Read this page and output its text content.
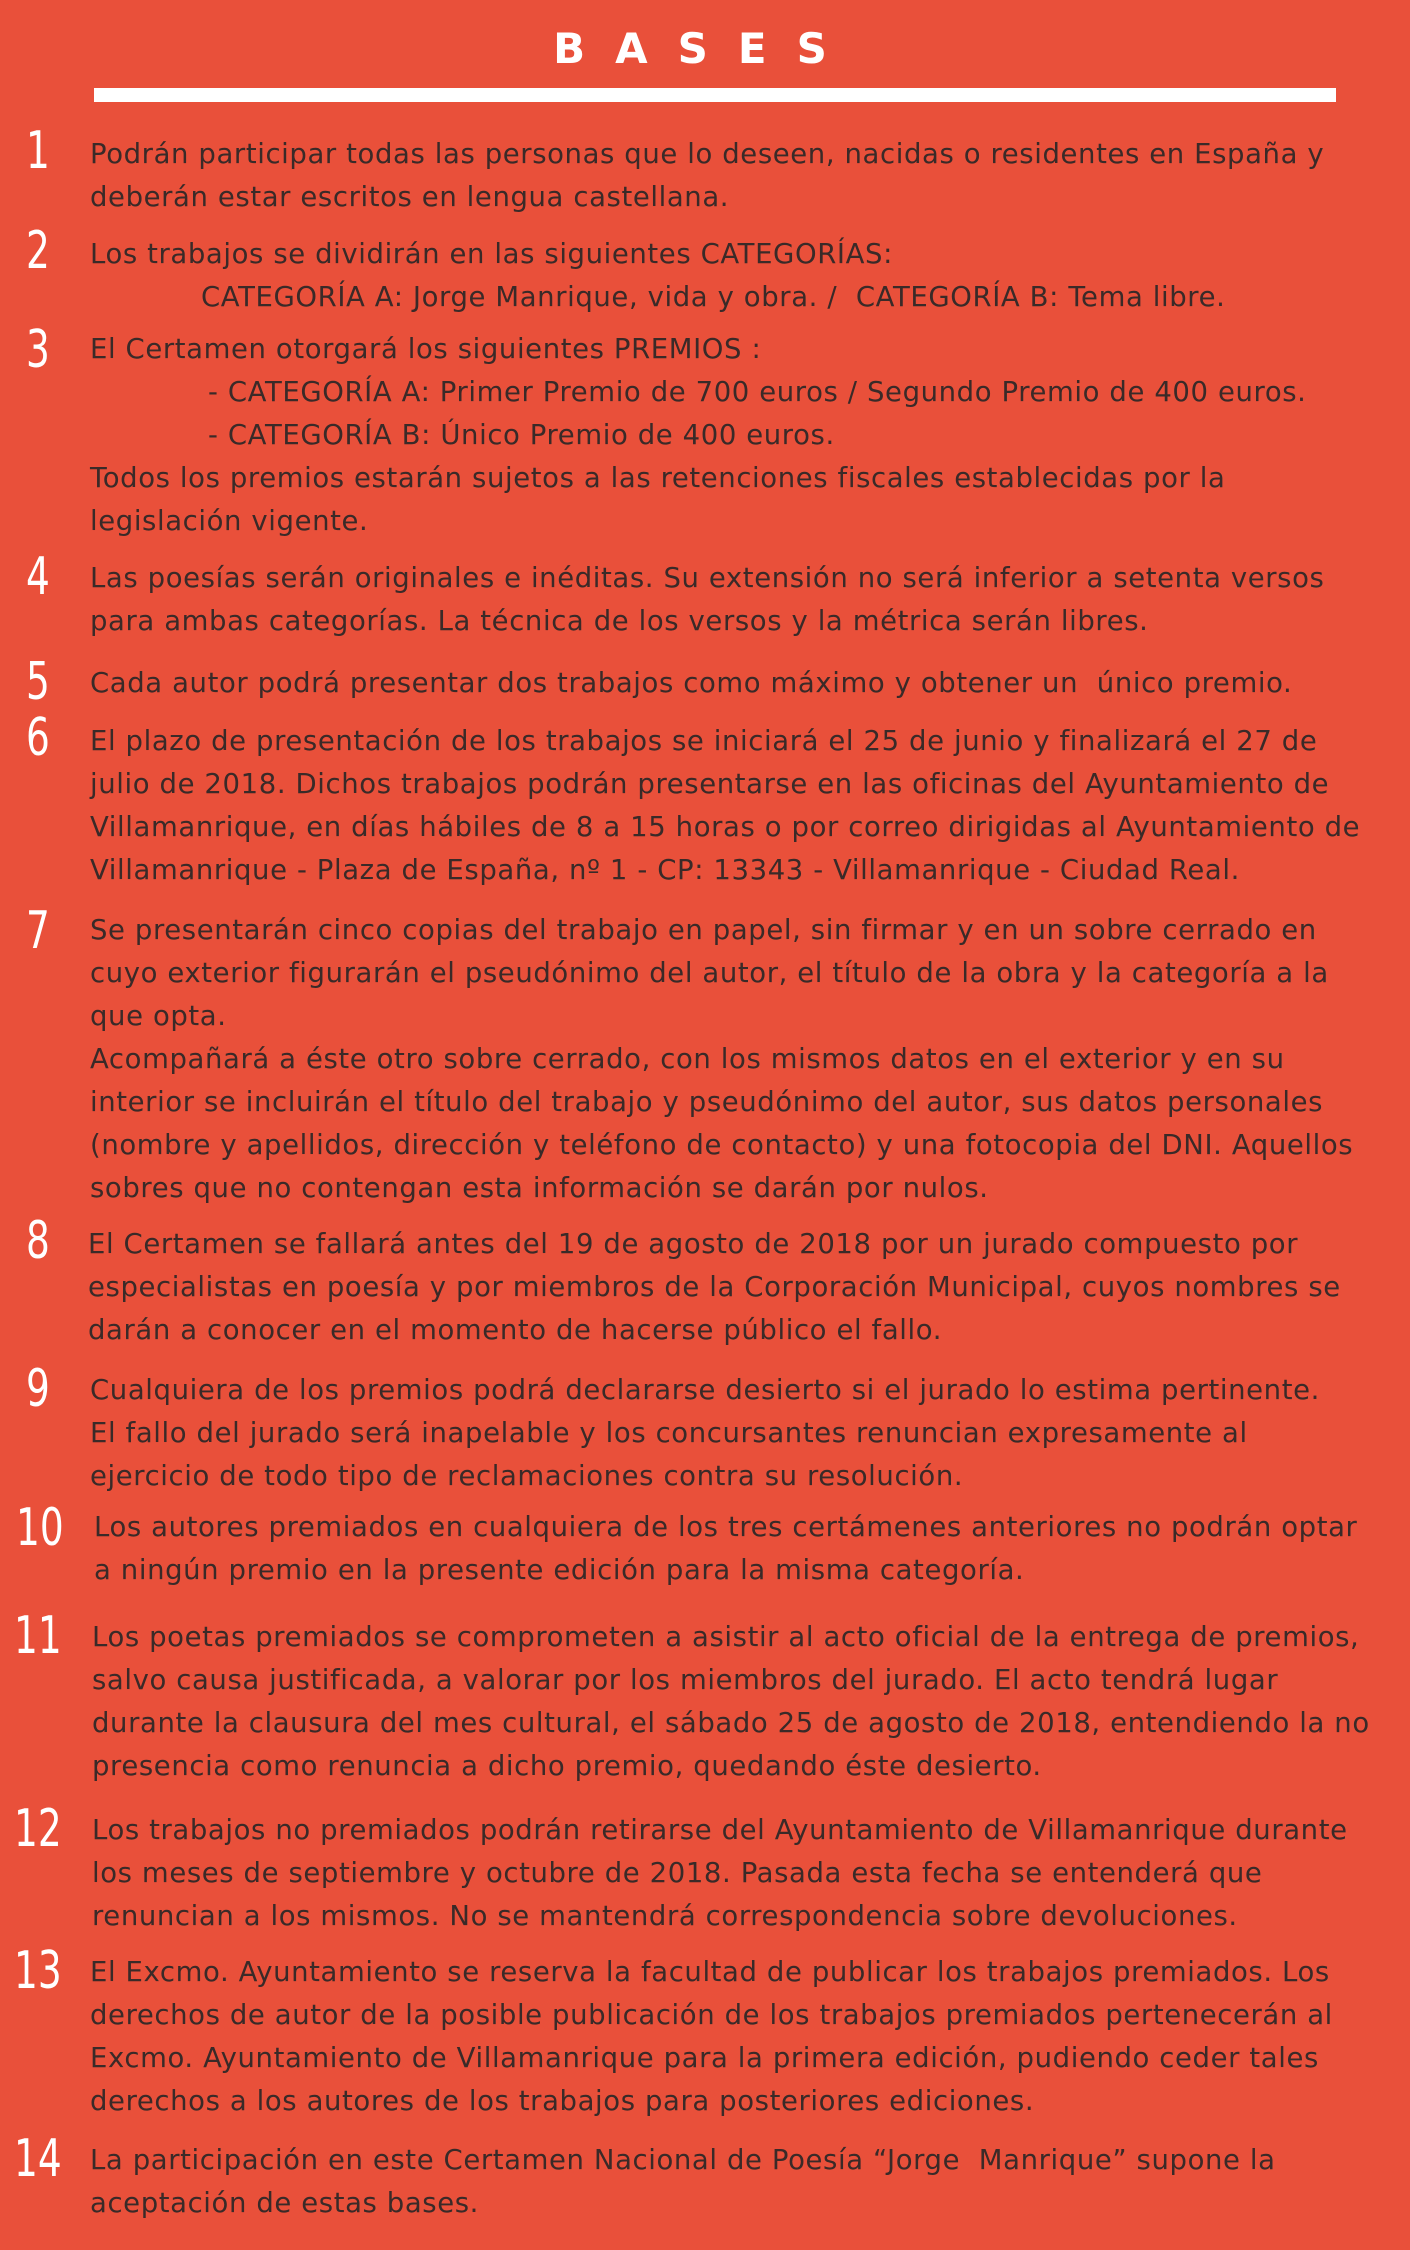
BASES
1 Podrán participar todas las personas que lo deseen, nacidas o residentes en España y
deberán estar escritos en lengua castellana.
2 Los trabajos se dividirán en las siguientes CATEGORÍAS:
CATEGORÍA A: Jorge Manrique, vida y obra. /  CATEGORÍA B: Tema libre.
3 El Certamen otorgará los siguientes PREMIOS :
- CATEGORÍA A: Primer Premio de 700 euros / Segundo Premio de 400 euros.
- CATEGORÍA B: Único Premio de 400 euros.
Todos los premios estarán sujetos a las retenciones fiscales establecidas por la
legislación vigente.
4 Las poesías serán originales e inéditas. Su extensión no será inferior a setenta versos
para ambas categorías. La técnica de los versos y la métrica serán libres.
5 Cada autor podrá presentar dos trabajos como máximo y obtener un  único premio.
6 El plazo de presentación de los trabajos se iniciará el 25 de junio y finalizará el 27 de
julio de 2018. Dichos trabajos podrán presentarse en las oficinas del Ayuntamiento de
Villamanrique, en días hábiles de 8 a 15 horas o por correo dirigidas al Ayuntamiento de
Villamanrique - Plaza de España, nº 1 - CP: 13343 - Villamanrique - Ciudad Real.
7 Se presentarán cinco copias del trabajo en papel, sin firmar y en un sobre cerrado en
cuyo exterior figurarán el pseudónimo del autor, el título de la obra y la categoría a la
que opta.
Acompañará a éste otro sobre cerrado, con los mismos datos en el exterior y en su
interior se incluirán el título del trabajo y pseudónimo del autor, sus datos personales
(nombre y apellidos, dirección y teléfono de contacto) y una fotocopia del DNI. Aquellos
sobres que no contengan esta información se darán por nulos.
8 El Certamen se fallará antes del 19 de agosto de 2018 por un jurado compuesto por
especialistas en poesía y por miembros de la Corporación Municipal, cuyos nombres se
darán a conocer en el momento de hacerse público el fallo.
9 Cualquiera de los premios podrá declararse desierto si el jurado lo estima pertinente.
El fallo del jurado será inapelable y los concursantes renuncian expresamente al
ejercicio de todo tipo de reclamaciones contra su resolución.
10 Los autores premiados en cualquiera de los tres certámenes anteriores no podrán optar
a ningún premio en la presente edición para la misma categoría.
11 Los poetas premiados se comprometen a asistir al acto oficial de la entrega de premios,
salvo causa justificada, a valorar por los miembros del jurado. El acto tendrá lugar
durante la clausura del mes cultural, el sábado 25 de agosto de 2018, entendiendo la no
presencia como renuncia a dicho premio, quedando éste desierto.
12 Los trabajos no premiados podrán retirarse del Ayuntamiento de Villamanrique durante
los meses de septiembre y octubre de 2018. Pasada esta fecha se entenderá que
renuncian a los mismos. No se mantendrá correspondencia sobre devoluciones.
13 El Excmo. Ayuntamiento se reserva la facultad de publicar los trabajos premiados. Los
derechos de autor de la posible publicación de los trabajos premiados pertenecerán al
Excmo. Ayuntamiento de Villamanrique para la primera edición, pudiendo ceder tales
derechos a los autores de los trabajos para posteriores ediciones.
14 La participación en este Certamen Nacional de Poesía “Jorge  Manrique” supone la
aceptación de estas bases.
